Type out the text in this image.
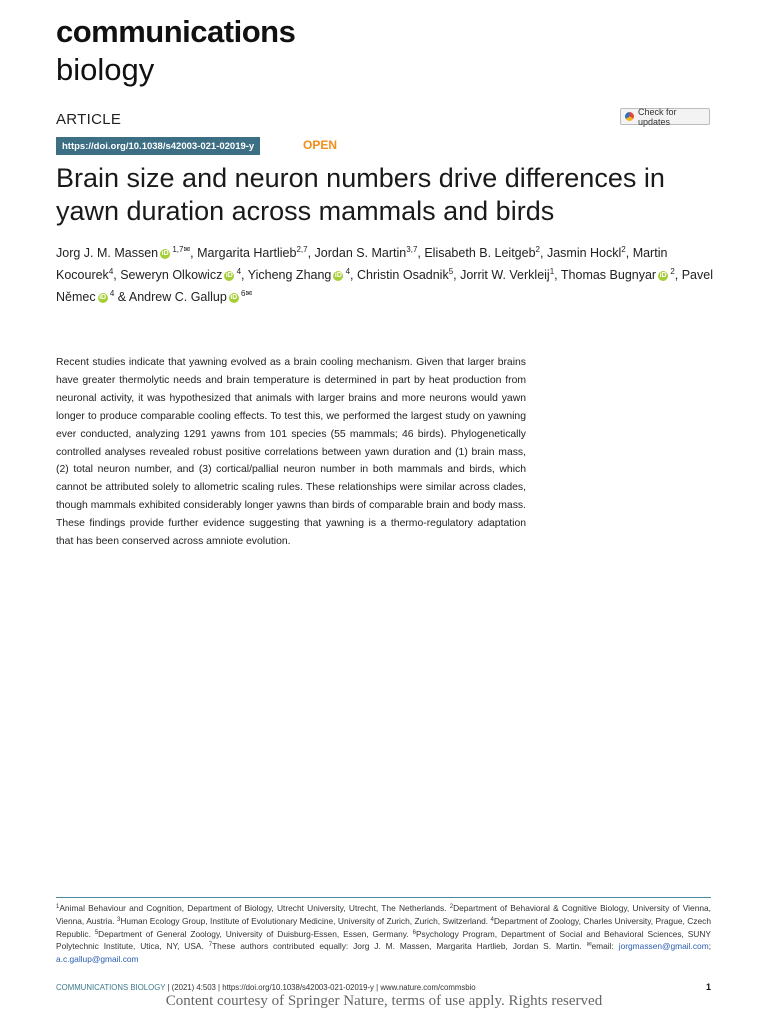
communications
biology
ARTICLE	Check for updates
https://doi.org/10.1038/s42003-021-02019-y	OPEN
Brain size and neuron numbers drive differences in yawn duration across mammals and birds
Jorg J. M. Massen iD $^{1,7✉}$, Margarita Hartlieb$^{2,7}$, Jordan S. Martin$^{3,7}$, Elisabeth B. Leitgeb$^2$, Jasmin Hockl$^2$, Martin Kocourek$^4$, Seweryn Olkowicz iD $^4$, Yicheng Zhang iD $^4$, Christin Osadnik$^5$, Jorrit W. Verkleij$^1$, Thomas Bugnyar iD $^2$, Pavel Němec iD $^4$ & Andrew C. Gallup iD $^{6✉}$

Recent studies indicate that yawning evolved as a brain cooling mechanism. Given that larger brains have greater thermolytic needs and brain temperature is determined in part by heat production from neuronal activity, it was hypothesized that animals with larger brains and more neurons would yawn longer to produce comparable cooling effects. To test this, we performed the largest study on yawning ever conducted, analyzing 1291 yawns from 101 species (55 mammals; 46 birds). Phylogenetically controlled analyses revealed robust positive correlations between yawn duration and (1) brain mass, (2) total neuron number, and (3) cortical/pallial neuron number in both mammals and birds, which cannot be attributed solely to allometric scaling rules. These relationships were similar across clades, though mammals exhibited considerably longer yawns than birds of comparable brain and body mass. These findings provide further evidence suggesting that yawning is a thermo-regulatory adaptation that has been conserved across amniote evolution.

$^1$Animal Behaviour and Cognition, Department of Biology, Utrecht University, Utrecht, The Netherlands. $^2$Department of Behavioral & Cognitive Biology, University of Vienna, Vienna, Austria. $^3$Human Ecology Group, Institute of Evolutionary Medicine, University of Zurich, Zurich, Switzerland. $^4$Department of Zoology, Charles University, Prague, Czech Republic. $^5$Department of General Zoology, University of Duisburg-Essen, Essen, Germany. $^6$Psychology Program, Department of Social and Behavioral Sciences, SUNY Polytechnic Institute, Utica, NY, USA. $^7$These authors contributed equally: Jorg J. M. Massen, Margarita Hartlieb, Jordan S. Martin. ✉email: jorgmassen@gmail.com; a.c.gallup@gmail.com

COMMUNICATIONS BIOLOGY | (2021) 4:503 | https://doi.org/10.1038/s42003-021-02019-y | www.nature.com/commsbio	1
Content courtesy of Springer Nature, terms of use apply. Rights reserved
